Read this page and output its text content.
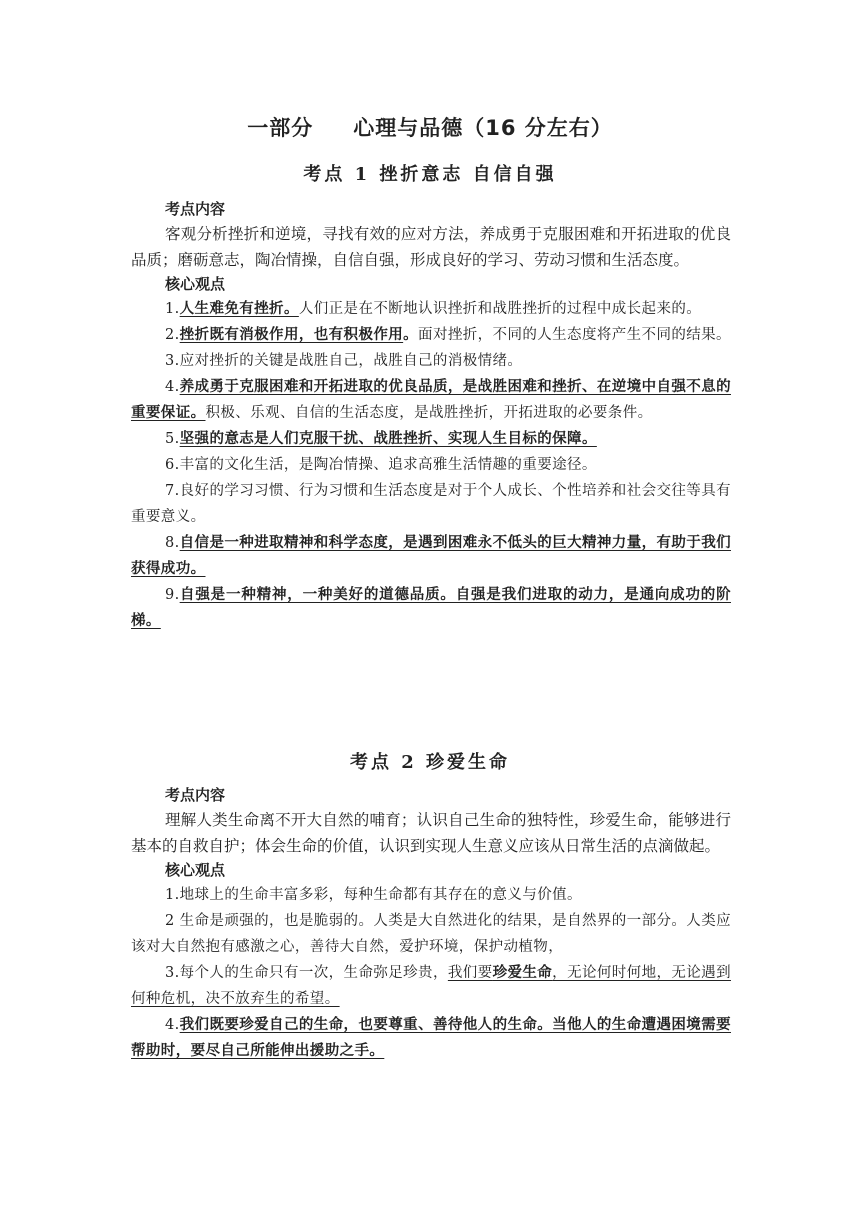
一部分 心理与品德（16 分左右）
考点 1 挫折意志 自信自强
考点内容
客观分析挫折和逆境，寻找有效的应对方法，养成勇于克服困难和开拓进取的优良品质；磨砺意志，陶冶情操，自信自强，形成良好的学习、劳动习惯和生活态度。
核心观点
1.人生难免有挫折。人们正是在不断地认识挫折和战胜挫折的过程中成长起来的。
2.挫折既有消极作用，也有积极作用。面对挫折，不同的人生态度将产生不同的结果。
3.应对挫折的关键是战胜自己，战胜自己的消极情绪。
4.养成勇于克服困难和开拓进取的优良品质，是战胜困难和挫折、在逆境中自强不息的重要保证。积极、乐观、自信的生活态度，是战胜挫折，开拓进取的必要条件。
5.坚强的意志是人们克服干扰、战胜挫折、实现人生目标的保障。
6.丰富的文化生活，是陶冶情操、追求高雅生活情趣的重要途径。
7.良好的学习习惯、行为习惯和生活态度是对于个人成长、个性培养和社会交往等具有重要意义。
8.自信是一种进取精神和科学态度，是遇到困难永不低头的巨大精神力量，有助于我们获得成功。
9.自强是一种精神，一种美好的道德品质。自强是我们进取的动力，是通向成功的阶梯。
考点 2 珍爱生命
考点内容
理解人类生命离不开大自然的哺育；认识自己生命的独特性，珍爱生命，能够进行基本的自救自护；体会生命的价值，认识到实现人生意义应该从日常生活的点滴做起。
核心观点
1.地球上的生命丰富多彩，每种生命都有其存在的意义与价值。
2 生命是顽强的，也是脆弱的。人类是大自然进化的结果，是自然界的一部分。人类应该对大自然抱有感激之心，善待大自然，爱护环境，保护动植物，
3.每个人的生命只有一次，生命弥足珍贵，我们要珍爱生命，无论何时何地，无论遇到何种危机，决不放弃生的希望。
4.我们既要珍爱自己的生命，也要尊重、善待他人的生命。当他人的生命遭遇困境需要帮助时，要尽自己所能伸出援助之手。
